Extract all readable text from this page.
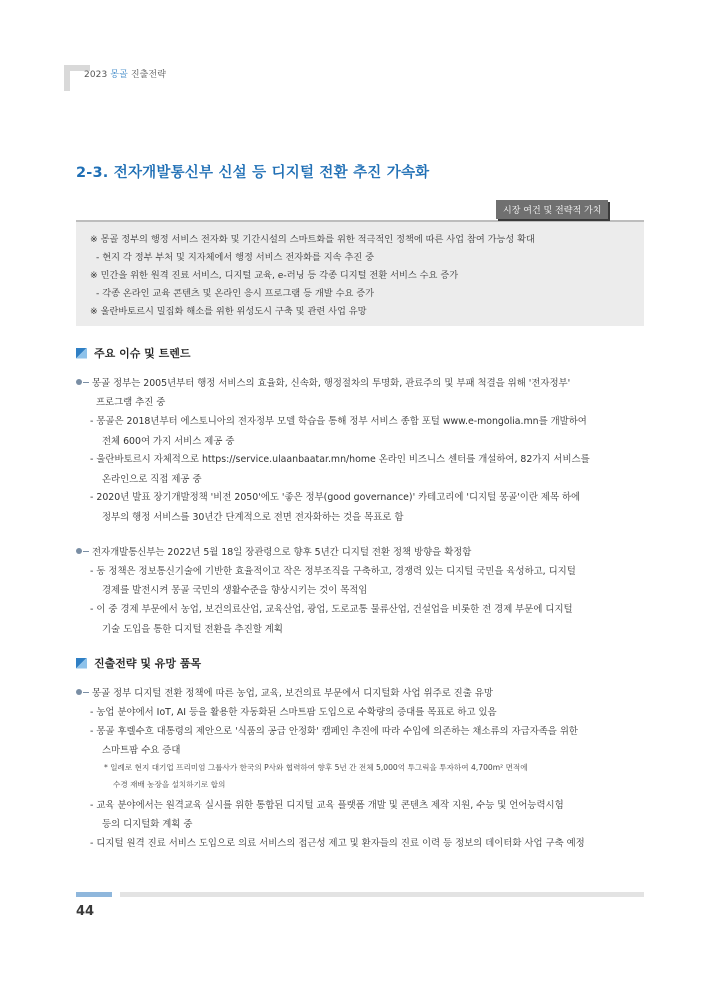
2023 몽골 진출전략
2-3. 전자개발통신부 신설 등 디지털 전환 추진 가속화
시장 여건 및 전략적 가치
※ 몽골 정부의 행정 서비스 전자화 및 기간시설의 스마트화를 위한 적극적인 정책에 따른 사업 참여 가능성 확대
- 현지 각 정부 부처 및 지자체에서 행정 서비스 전자화를 지속 추진 중
※ 민간을 위한 원격 진료 서비스, 디지털 교육, e-러닝 등 각종 디지털 전환 서비스 수요 증가
- 각종 온라인 교육 콘텐츠 및 온라인 응시 프로그램 등 개발 수요 증가
※ 울란바토르시 밀집화 해소를 위한 위성도시 구축 및 관련 사업 유망
주요 이슈 및 트렌드
몽골 정부는 2005년부터 행정 서비스의 효율화, 신속화, 행정절차의 투명화, 관료주의 및 부패 척결을 위해 '전자정부'
프로그램 추진 중
- 몽골은 2018년부터 에스토니아의 전자정부 모델 학습을 통해 정부 서비스 종합 포털 www.e-mongolia.mn를 개발하여
전체 600여 가지 서비스 제공 중
- 울란바토르시 자체적으로 https://service.ulaanbaatar.mn/home 온라인 비즈니스 센터를 개설하여, 82가지 서비스를
온라인으로 직접 제공 중
- 2020년 발표 장기개발정책 '비전 2050'에도 '좋은 정부(good governance)' 카테고리에 '디지털 몽골'이란 제목 하에
정부의 행정 서비스를 30년간 단계적으로 전면 전자화하는 것을 목표로 함
전자개발통신부는 2022년 5월 18일 장관령으로 향후 5년간 디지털 전환 정책 방향을 확정함
- 동 정책은 정보통신기술에 기반한 효율적이고 작은 정부조직을 구축하고, 경쟁력 있는 디지털 국민을 육성하고, 디지털
경제를 발전시켜 몽골 국민의 생활수준을 향상시키는 것이 목적임
- 이 중 경제 부문에서 농업, 보건의료산업, 교육산업, 광업, 도로교통 물류산업, 건설업을 비롯한 전 경제 부문에 디지털
기술 도입을 통한 디지털 전환을 추진할 계획
진출전략 및 유망 품목
몽골 정부 디지털 전환 정책에 따른 농업, 교육, 보건의료 부문에서 디지털화 사업 위주로 진출 유망
- 농업 분야에서 IoT, AI 등을 활용한 자동화된 스마트팜 도입으로 수확량의 증대를 목표로 하고 있음
- 몽골 후렐수흐 대통령의 제안으로 '식품의 공급 안정화' 캠페인 추진에 따라 수입에 의존하는 채소류의 자급자족을 위한
스마트팜 수요 증대
* 일례로 현지 대기업 프리미엄 그룹사가 한국의 P사와 협력하여 향후 5년 간 전체 5,000억 투그릭을 투자하여 4,700m² 면적에
수경 재배 농장을 설치하기로 합의
- 교육 분야에서는 원격교육 실시를 위한 통합된 디지털 교육 플랫폼 개발 및 콘텐츠 제작 지원, 수능 및 언어능력시험
등의 디지털화 계획 중
- 디지털 원격 진료 서비스 도입으로 의료 서비스의 접근성 제고 및 환자들의 진료 이력 등 정보의 데이터화 사업 구축 예정
44
